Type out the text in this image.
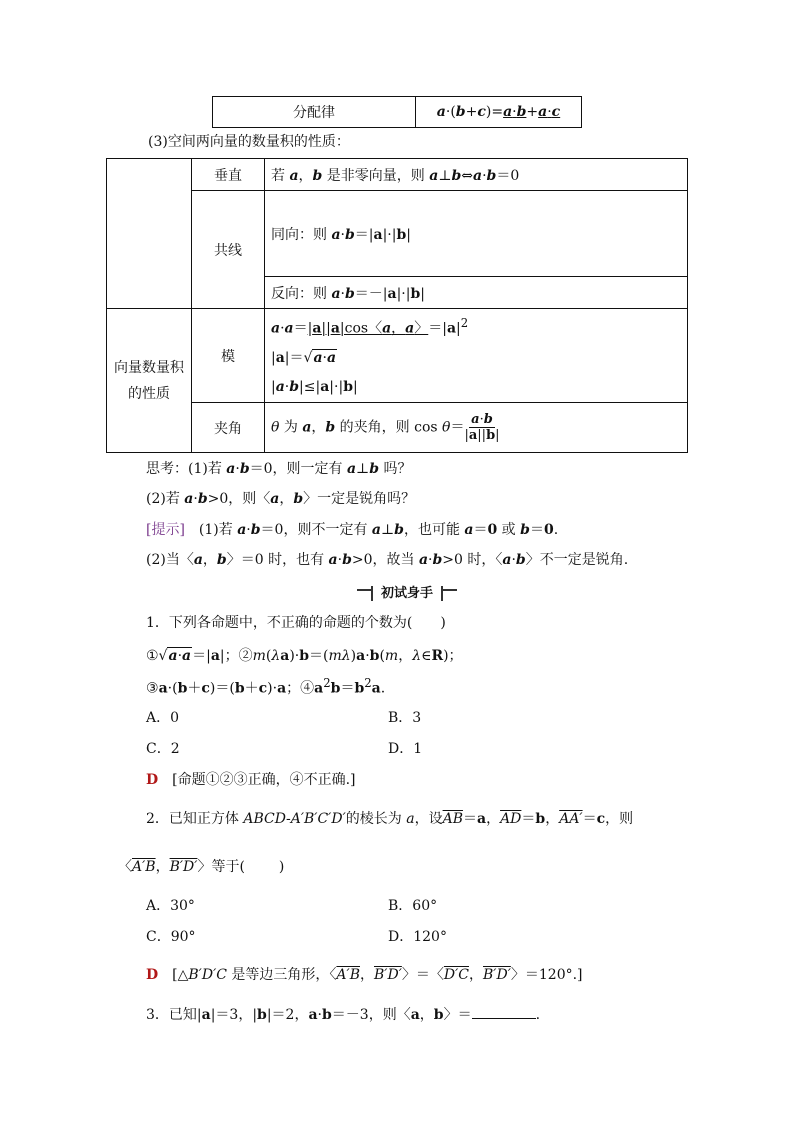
分配律	a·(b+c)=a·b+a·c
(3)空间两向量的数量积的性质：
	垂直	若 a，b 是非零向量，则 a⊥b⇔a·b＝0
	共线	同向：则 a·b＝|a|·|b|
		反向：则 a·b＝－|a|·|b|
向量数量积的性质	模	a·a＝|a||a|cos〈a，a〉$=|a|^2$
|a|＝√a·a
|a·b|≤|a|·|b|

	夹角	θ 为 a，b 的夹角，则 $\cos \theta= \frac{a\cdot b}{|a||b|}$
思考：(1)若 a·b＝0，则一定有 a⊥b 吗？
(2)若 a·b>0，则〈a，b〉一定是锐角吗？
[提示]　(1)若 a·b＝0，则不一定有 a⊥b，也可能 a＝0 或 b＝0.
(2)当〈a，b〉＝0 时，也有 a·b>0，故当 a·b>0 时，〈a·b〉不一定是锐角.
初试身手
1．下列各命题中，不正确的命题的个数为(　　)
①√a·a＝|a|；②m(λa)·b＝(mλ)a·b(m，λ∈R)；
③a·(b＋c)＝(b＋c)·a；$④a^2b=b^2a$.
A．0	B．3
C．2	D．1
D　 [命题①②③正确，④不正确.]
2．已知正方体 ABCD-A′B′C′D′的棱长为 a，设$\overline{AB}=a$，$\overline{AD}=b$，AA′＝c，则
〈A′B，B′D′〉等于( )
A．30°	B．60°
C．90°	D．120°
D　[△B′D′C 是等边三角形，〈A′B，B′D′〉＝〈D′C，B′D′〉＝120°.]
3．已知|a|＝3，|b|＝2，a·b＝－3，则〈a，b〉＝	.
